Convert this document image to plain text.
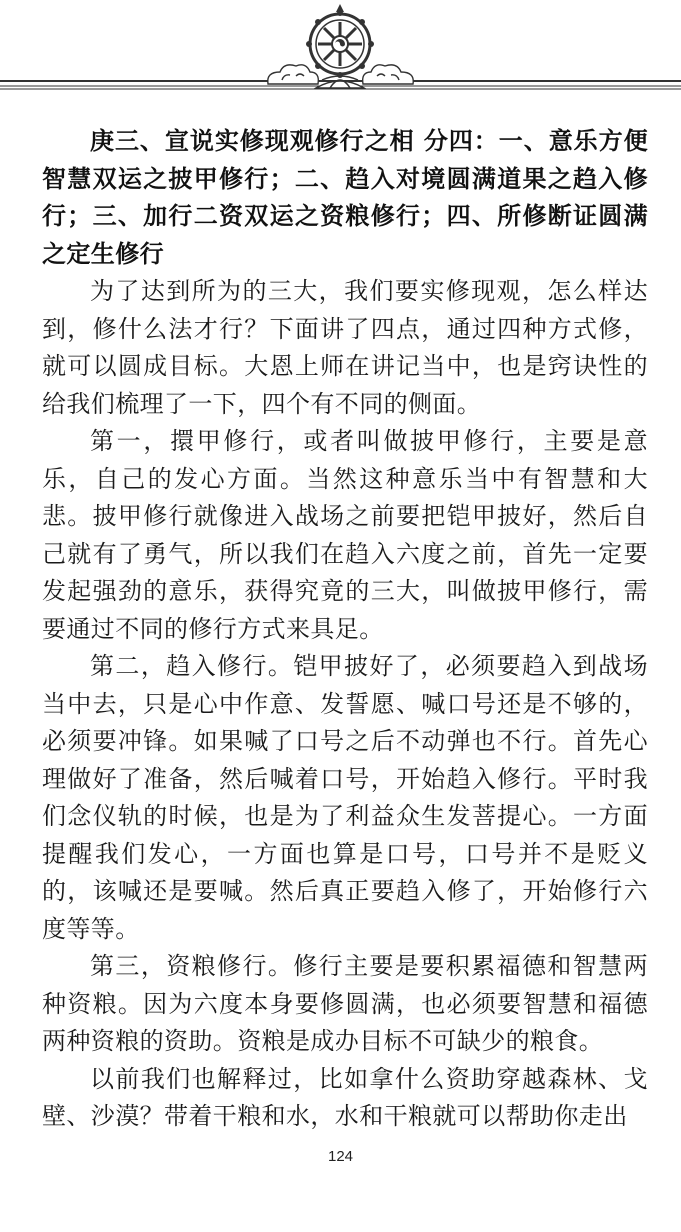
庚三、宣说实修现观修行之相 分四：一、意乐方便智慧双运之披甲修行；二、趋入对境圆满道果之趋入修行；三、加行二资双运之资粮修行；四、所修断证圆满之定生修行

为了达到所为的三大，我们要实修现观，怎么样达到，修什么法才行？下面讲了四点，通过四种方式修，就可以圆成目标。大恩上师在讲记当中，也是窍诀性的给我们梳理了一下，四个有不同的侧面。

第一，擐甲修行，或者叫做披甲修行，主要是意乐，自己的发心方面。当然这种意乐当中有智慧和大悲。披甲修行就像进入战场之前要把铠甲披好，然后自己就有了勇气，所以我们在趋入六度之前，首先一定要发起强劲的意乐，获得究竟的三大，叫做披甲修行，需要通过不同的修行方式来具足。

第二，趋入修行。铠甲披好了，必须要趋入到战场当中去，只是心中作意、发誓愿、喊口号还是不够的，必须要冲锋。如果喊了口号之后不动弹也不行。首先心理做好了准备，然后喊着口号，开始趋入修行。平时我们念仪轨的时候，也是为了利益众生发菩提心。一方面提醒我们发心，一方面也算是口号，口号并不是贬义的，该喊还是要喊。然后真正要趋入修了，开始修行六度等等。

第三，资粮修行。修行主要是要积累福德和智慧两种资粮。因为六度本身要修圆满，也必须要智慧和福德两种资粮的资助。资粮是成办目标不可缺少的粮食。

以前我们也解释过，比如拿什么资助穿越森林、戈壁、沙漠？带着干粮和水，水和干粮就可以帮助你走出

124
